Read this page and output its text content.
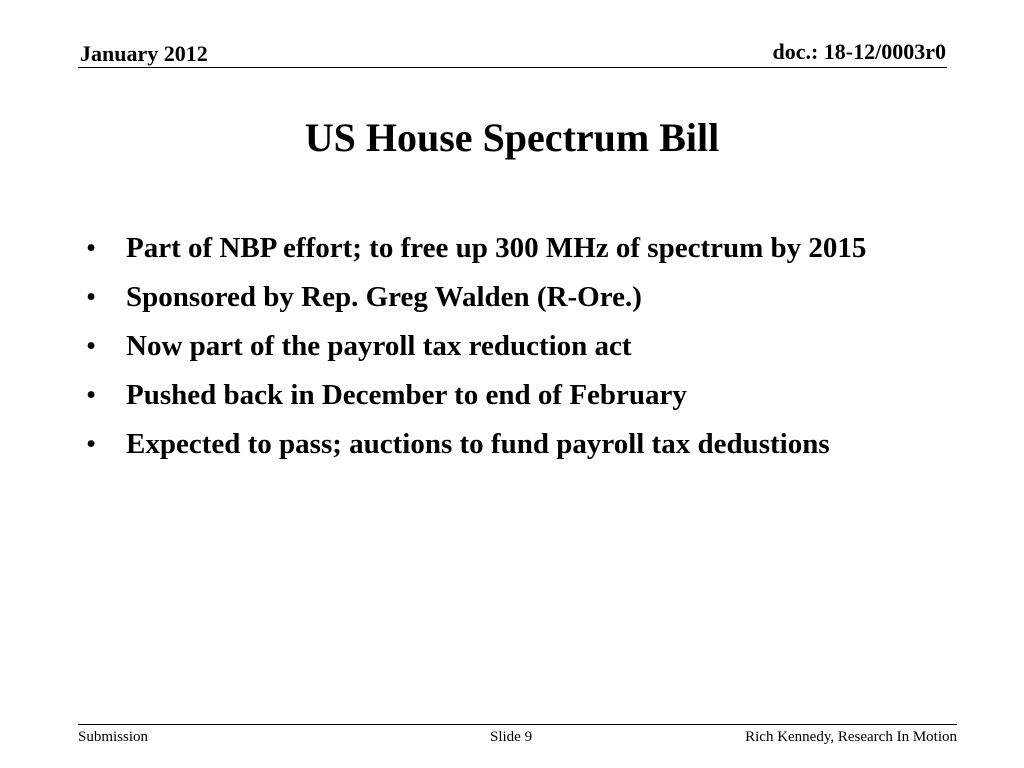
January 2012	doc.: 18-12/0003r0
US House Spectrum Bill
•	Part of NBP effort; to free up 300 MHz of spectrum by 2015
•	Sponsored by Rep. Greg Walden (R-Ore.)
•	Now part of the payroll tax reduction act
•	Pushed back in December to end of February
•	Expected to pass; auctions to fund payroll tax dedustions
Submission	Slide 9	Rich Kennedy, Research In Motion
